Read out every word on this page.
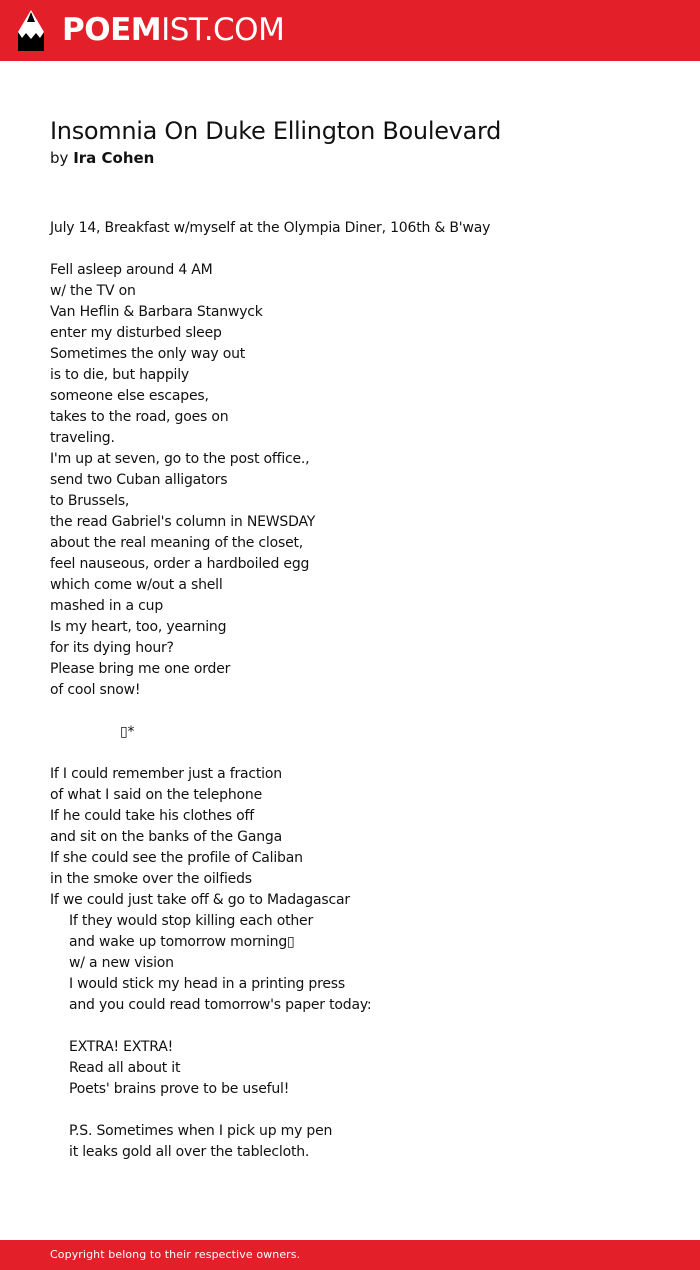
POEMIST.COM
Insomnia On Duke Ellington Boulevard
by Ira Cohen
July 14, Breakfast w/myself at the Olympia Diner, 106th & B'way
Fell asleep around 4 AM
w/ the TV on
Van Heflin & Barbara Stanwyck
enter my disturbed sleep
Sometimes the only way out
is to die, but happily
someone else escapes,
takes to the road, goes on
traveling.
I'm up at seven, go to the post office.,
send two Cuban alligators
to Brussels,
the read Gabriel's column in NEWSDAY
about the real meaning of the closet,
feel nauseous, order a hardboiled egg
which come w/out a shell
mashed in a cup
Is my heart, too, yearning
for its dying hour?
Please bring me one order
of cool snow!
▯*
If I could remember just a fraction
of what I said on the telephone
If he could take his clothes off
and sit on the banks of the Ganga
If she could see the profile of Caliban
in the smoke over the oilfieds
If we could just take off & go to Madagascar
If they would stop killing each other
and wake up tomorrow morning▯
w/ a new vision
I would stick my head in a printing press
and you could read tomorrow's paper today:
EXTRA! EXTRA!
Read all about it
Poets' brains prove to be useful!
P.S. Sometimes when I pick up my pen
it leaks gold all over the tablecloth.
Copyright belong to their respective owners.
